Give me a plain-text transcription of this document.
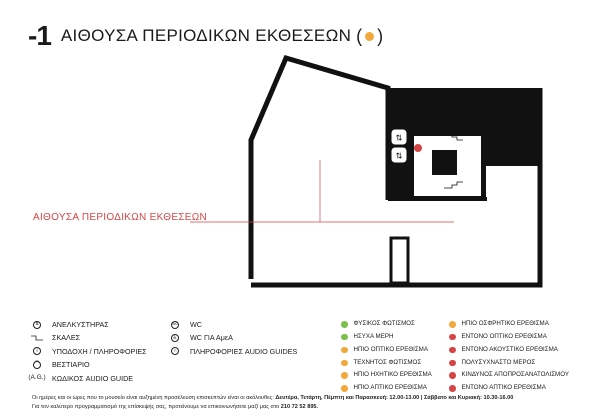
-1 ΑΙΘΟΥΣΑ ΠΕΡΙΟΔΙΚΩΝ ΕΚΘΕΣΕΩΝ ( )
⇅
⇅
ΑΙΘΟΥΣΑ ΠΕΡΙΟΔΙΚΩΝ ΕΚΘΕΣΕΩΝ
⇅ ΑΝΕΛΚΥΣΤΗΡΑΣ
ΣΚΑΛΕΣ
i	ΥΠΟΔΟΧΗ / ΠΛΗΡΟΦΟΡΙΕΣ
⌒ ΒΕΣΤΙΑΡΙΟ
(A.G.) ΚΩΔΙΚΟΣ AUDIO GUIDE
WC WC
♿ WC ΓΙΑ ΑμεΑ
∩	ΠΛΗΡΟΦΟΡΙΕΣ AUDIO GUIDES
ΦΥΣΙΚΟΣ ΦΩΤΙΣΜΟΣ
ΗΣΥΧΑ ΜΕΡΗ
ΗΠΙΟ ΟΠΤΙΚΟ ΕΡΕΘΙΣΜΑ
ΤΕΧΝΗΤΟΣ ΦΩΤΙΣΜΟΣ
ΗΠΙΟ ΗΧΗΤΙΚΟ ΕΡΕΘΙΣΜΑ
ΗΠΙΟ ΑΠΤΙΚΟ ΕΡΕΘΙΣΜΑ
ΗΠΙΟ ΟΣΦΡΗΤΙΚΟ ΕΡΕΘΙΣΜΑ
ΕΝΤΟΝΟ ΟΠΤΙΚΟ ΕΡΕΘΙΣΜΑ
ΕΝΤΟΝΟ ΑΚΟΥΣΤΙΚΟ ΕΡΕΘΙΣΜΑ
ΠΟΛΥΣΥΧΝΑΣΤΟ ΜΕΡΟΣ
ΚΙΝΔΥΝΟΣ ΑΠΟΠΡΟΣΑΝΑΤΟΛΙΣΜΟΥ
ΕΝΤΟΝΟ ΑΠΤΙΚΟ ΕΡΕΘΙΣΜΑ
Οι ημέρες και οι ώρες που το μουσείο είναι αυξημένη προσέλευση επισκεπτών είναι οι ακόλουθες: Δευτέρα, Τετάρτη, Πέμπτη και Παρασκευή: 12.00-13.00 | Σάββατο και Κυριακή: 10.30-16.00
Για τον καλύτερο προγραμματισμό της επίσκεψής σας, προτείνουμε να επικοινωνήσετε μαζί μας στο 210 72 52 895.
